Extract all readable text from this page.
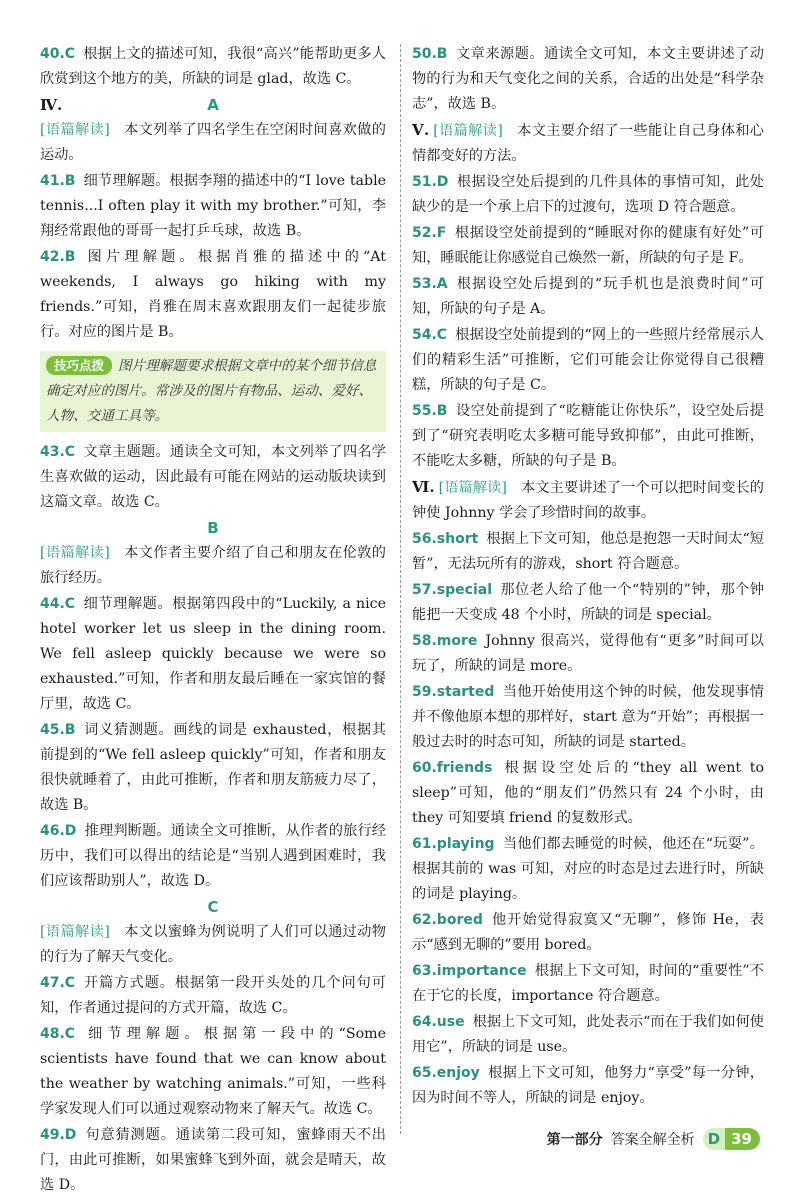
40.C 根据上文的描述可知，我很“高兴”能帮助更多人欣赏到这个地方的美，所缺的词是 glad，故选 C。

Ⅳ.	A

[语篇解读] 本文列举了四名学生在空闲时间喜欢做的运动。

41.B 细节理解题。根据李翔的描述中的“I love table tennis...I often play it with my brother.”可知，李翔经常跟他的哥哥一起打乒乓球，故选 B。

42.B 图片理解题。根据肖雅的描述中的“At weekends, I always go hiking with my friends.”可知，肖雅在周末喜欢跟朋友们一起徒步旅行。对应的图片是 B。

技巧点拨 图片理解题要求根据文章中的某个细节信息确定对应的图片。常涉及的图片有物品、运动、爱好、人物、交通工具等。

43.C 文章主题题。通读全文可知，本文列举了四名学生喜欢做的运动，因此最有可能在网站的运动版块读到这篇文章。故选 C。

B

[语篇解读] 本文作者主要介绍了自己和朋友在伦敦的旅行经历。

44.C 细节理解题。根据第四段中的“Luckily, a nice hotel worker let us sleep in the dining room. We fell asleep quickly because we were so exhausted.”可知，作者和朋友最后睡在一家宾馆的餐厅里，故选 C。

45.B 词义猜测题。画线的词是 exhausted，根据其前提到的“We fell asleep quickly”可知，作者和朋友很快就睡着了，由此可推断，作者和朋友筋疲力尽了，故选 B。

46.D 推理判断题。通读全文可推断，从作者的旅行经历中，我们可以得出的结论是“当别人遇到困难时，我们应该帮助别人”，故选 D。

C

[语篇解读] 本文以蜜蜂为例说明了人们可以通过动物的行为了解天气变化。

47.C 开篇方式题。根据第一段开头处的几个问句可知，作者通过提问的方式开篇，故选 C。

48.C 细节理解题。根据第一段中的“Some scientists have found that we can know about the weather by watching animals.”可知，一些科学家发现人们可以通过观察动物来了解天气。故选 C。

49.D 句意猜测题。通读第二段可知，蜜蜂雨天不出门，由此可推断，如果蜜蜂飞到外面，就会是晴天，故选 D。

50.B 文章来源题。通读全文可知，本文主要讲述了动物的行为和天气变化之间的关系，合适的出处是“科学杂志”，故选 B。

Ⅴ. [语篇解读] 本文主要介绍了一些能让自己身体和心情都变好的方法。

51.D 根据设空处后提到的几件具体的事情可知，此处缺少的是一个承上启下的过渡句，选项 D 符合题意。

52.F 根据设空处前提到的“睡眠对你的健康有好处”可知，睡眠能让你感觉自己焕然一新，所缺的句子是 F。

53.A 根据设空处后提到的“玩手机也是浪费时间”可知，所缺的句子是 A。

54.C 根据设空处前提到的“网上的一些照片经常展示人们的精彩生活”可推断，它们可能会让你觉得自己很糟糕，所缺的句子是 C。

55.B 设空处前提到了“吃糖能让你快乐”，设空处后提到了“研究表明吃太多糖可能导致抑郁”，由此可推断，不能吃太多糖，所缺的句子是 B。

Ⅵ. [语篇解读] 本文主要讲述了一个可以把时间变长的钟使 Johnny 学会了珍惜时间的故事。

56.short 根据上下文可知，他总是抱怨一天时间太“短暂”，无法玩所有的游戏，short 符合题意。

57.special 那位老人给了他一个“特别的”钟，那个钟能把一天变成 48 个小时，所缺的词是 special。

58.more Johnny 很高兴，觉得他有“更多”时间可以玩了，所缺的词是 more。

59.started 当他开始使用这个钟的时候，他发现事情并不像他原本想的那样好，start 意为“开始”；再根据一般过去时的时态可知，所缺的词是 started。

60.friends 根据设空处后的“they all went to sleep”可知，他的“朋友们”仍然只有 24 个小时，由 they 可知要填 friend 的复数形式。

61.playing 当他们都去睡觉的时候，他还在“玩耍”。根据其前的 was 可知，对应的时态是过去进行时，所缺的词是 playing。

62.bored 他开始觉得寂寞又“无聊”，修饰 He，表示“感到无聊的”要用 bored。

63.importance 根据上下文可知，时间的“重要性”不在于它的长度，importance 符合题意。

64.use 根据上下文可知，此处表示“而在于我们如何使用它”，所缺的词是 use。

65.enjoy 根据上下文可知，他努力“享受”每一分钟，因为时间不等人，所缺的词是 enjoy。

第一部分 答案全解全析 D 39
